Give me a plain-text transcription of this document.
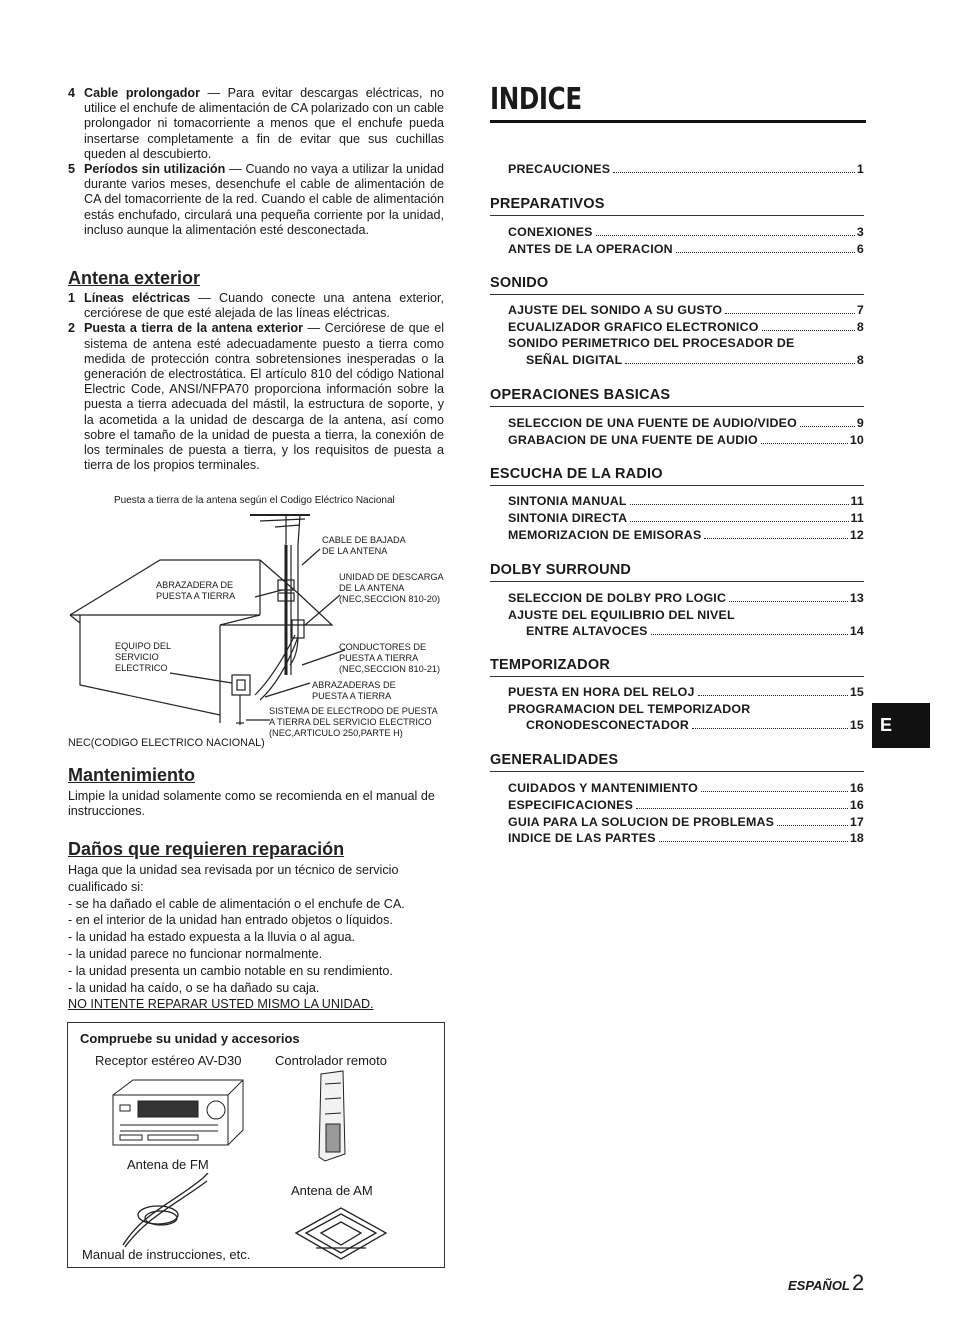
4 Cable prolongador — Para evitar descargas eléctricas, no utilice el enchufe de alimentación de CA polarizado con un cable prolongador ni tomacorriente a menos que el enchufe pueda insertarse completamente a fin de evitar que sus cuchillas queden al descubierto.
5 Períodos sin utilización — Cuando no vaya a utilizar la unidad durante varios meses, desenchufe el cable de alimentación de CA del tomacorriente de la red. Cuando el cable de alimentación estás enchufado, circulará una pequeña corriente por la unidad, incluso aunque la alimentación esté desconectada.
Antena exterior
1 Líneas eléctricas — Cuando conecte una antena exterior, cerciórese de que esté alejada de las líneas eléctricas.
2 Puesta a tierra de la antena exterior — Cerciórese de que el sistema de antena esté adecuadamente puesto a tierra como medida de protección contra sobretensiones inesperadas o la generación de electrostática. El artículo 810 del código National Electric Code, ANSI/NFPA70 proporciona información sobre la puesta a tierra adecuada del mástil, la estructura de soporte, y la acometida a la unidad de descarga de la antena, así como sobre el tamaño de la unidad de puesta a tierra, la conexión de los terminales de puesta a tierra, y los requisitos de puesta a tierra de los propios terminales.
Puesta a tierra de la antena según el Codigo Eléctrico Nacional
CABLE DE BAJADA
DE LA ANTENA
UNIDAD DE DESCARGA
DE LA ANTENA
(NEC,SECCION 810-20)
ABRAZADERA DE
PUESTA A TIERRA
EQUIPO DEL
SERVICIO
ELECTRICO
CONDUCTORES DE
PUESTA A TIERRA
(NEC,SECCION 810-21)
ABRAZADERAS DE
PUESTA A TIERRA
SISTEMA DE ELECTRODO DE PUESTA
A TIERRA DEL SERVICIO ELECTRICO
(NEC,ARTICULO 250,PARTE H)
NEC(CODIGO ELECTRICO NACIONAL)
Mantenimiento
Limpie la unidad solamente como se recomienda en el manual de instrucciones.
Daños que requieren reparación
Haga que la unidad sea revisada por un técnico de servicio cualificado si:
- se ha dañado el cable de alimentación o el enchufe de CA.
- en el interior de la unidad han entrado objetos o líquidos.
- la unidad ha estado expuesta a la lluvia o al agua.
- la unidad parece no funcionar normalmente.
- la unidad presenta un cambio notable en su rendimiento.
- la unidad ha caído, o se ha dañado su caja.
NO INTENTE REPARAR USTED MISMO LA UNIDAD.
Compruebe su unidad y accesorios
Receptor estéreo AV-D30	Controlador remoto
Antena de FM
Antena de AM
Manual de instrucciones, etc.
INDICE
PRECAUCIONES	1
PREPARATIVOS
CONEXIONES	3
ANTES DE LA OPERACION	6
SONIDO
AJUSTE DEL SONIDO A SU GUSTO	7
ECUALIZADOR GRAFICO ELECTRONICO	8
SONIDO PERIMETRICO DEL PROCESADOR DE
SEÑAL DIGITAL	8
OPERACIONES BASICAS
SELECCION DE UNA FUENTE DE AUDIO/VIDEO	9
GRABACION DE UNA FUENTE DE AUDIO	10
ESCUCHA DE LA RADIO
SINTONIA MANUAL	11
SINTONIA DIRECTA	11
MEMORIZACION DE EMISORAS	12
DOLBY SURROUND
SELECCION DE DOLBY PRO LOGIC	13
AJUSTE DEL EQUILIBRIO DEL NIVEL
ENTRE ALTAVOCES	14
TEMPORIZADOR
PUESTA EN HORA DEL RELOJ	15
PROGRAMACION DEL TEMPORIZADOR
CRONODESCONECTADOR	15
GENERALIDADES
CUIDADOS Y MANTENIMIENTO	16
ESPECIFICACIONES	16
GUIA PARA LA SOLUCION DE PROBLEMAS	17
INDICE DE LAS PARTES	18
E
ESPAÑOL 2
